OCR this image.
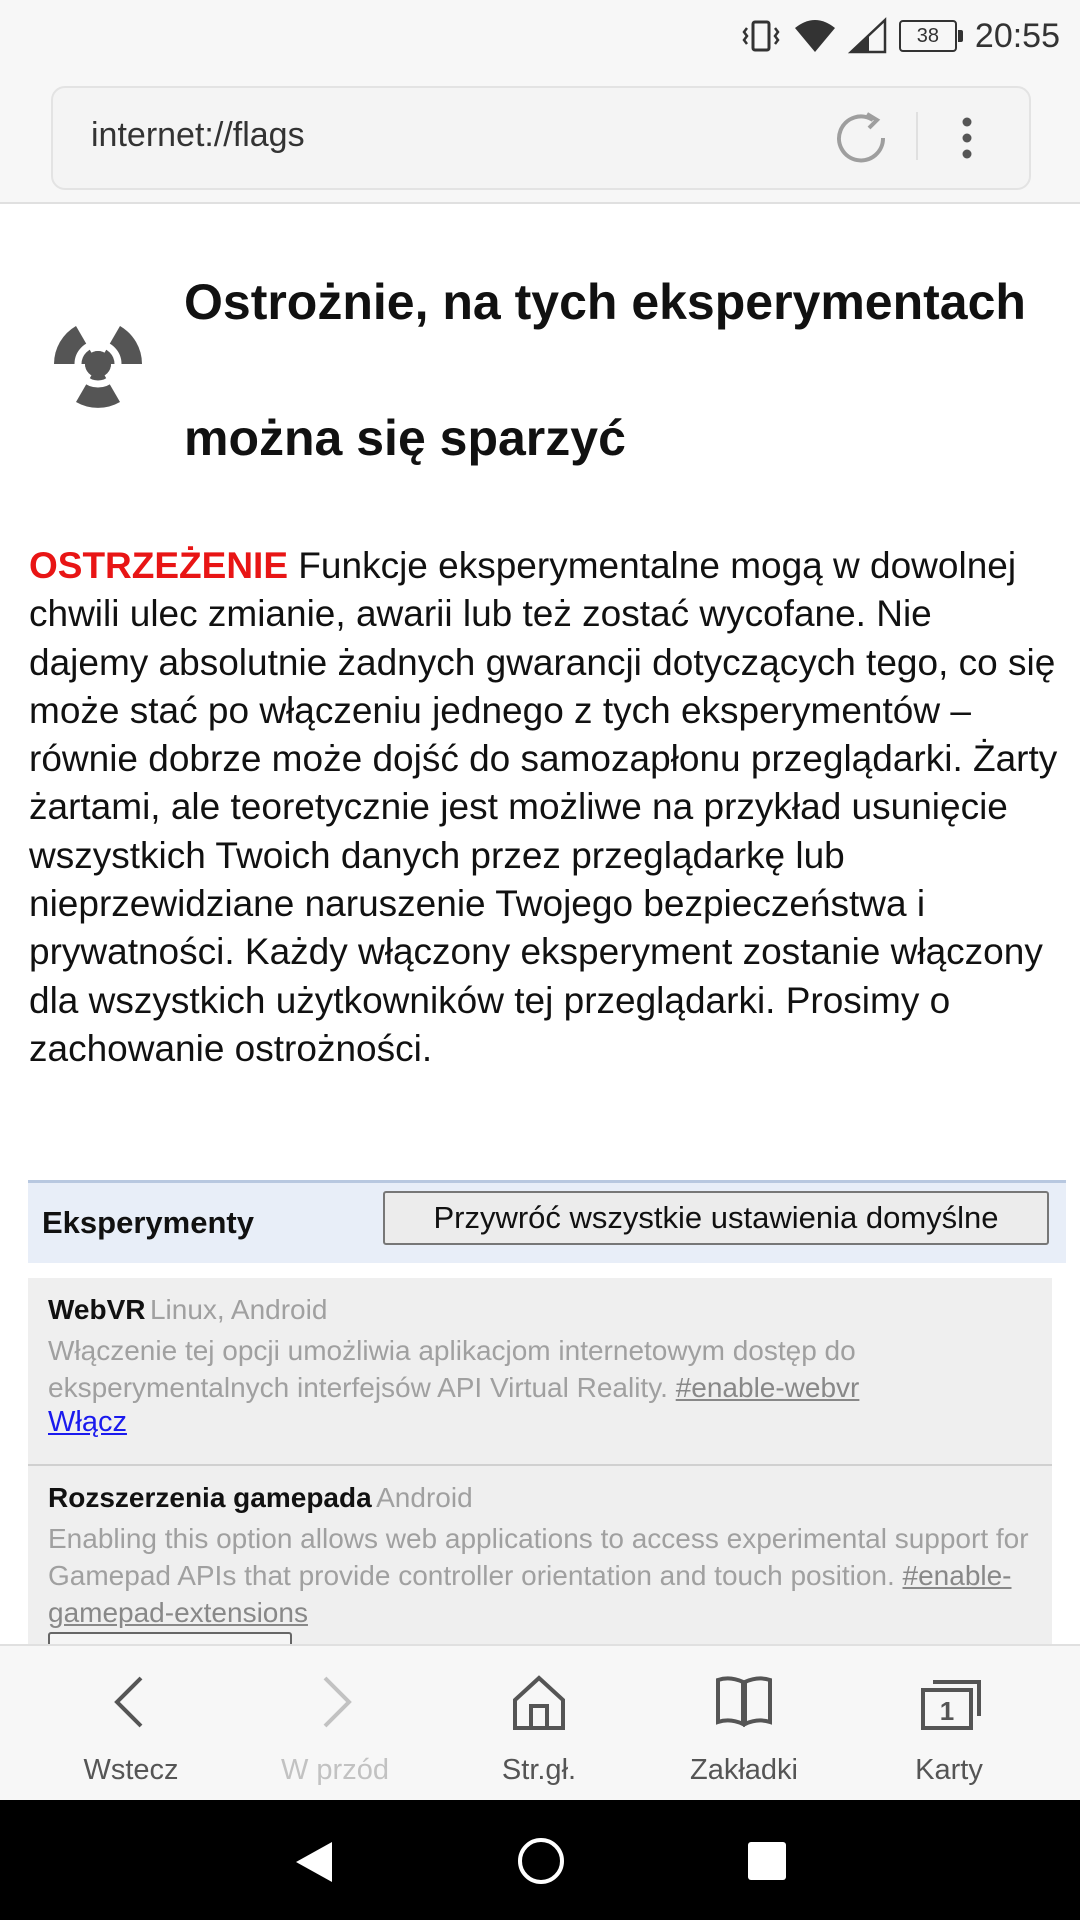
38	20:55
internet://flags
Ostrożnie, na tych eksperymentach można się sparzyć

OSTRZEŻENIE Funkcje eksperymentalne mogą w dowolnej chwili ulec zmianie, awarii lub też zostać wycofane. Nie dajemy absolutnie żadnych gwarancji dotyczących tego, co się może stać po włączeniu jednego z tych eksperymentów – równie dobrze może dojść do samozapłonu przeglądarki. Żarty żartami, ale teoretycznie jest możliwe na przykład usunięcie wszystkich Twoich danych przez przeglądarkę lub nieprzewidziane naruszenie Twojego bezpieczeństwa i prywatności. Każdy włączony eksperyment zostanie włączony dla wszystkich użytkowników tej przeglądarki. Prosimy o zachowanie ostrożności.

Eksperymenty	Przywróć wszystkie ustawienia domyślne
WebVR Linux, Android

Włączenie tej opcji umożliwia aplikacjom internetowym dostęp do eksperymentalnych interfejsów API Virtual Reality. #enable-webvr

Włącz
Rozszerzenia gamepada Android

Enabling this option allows web applications to access experimental support for Gamepad APIs that provide controller orientation and touch position. #enable-gamepad-extensions

Wstecz	W przód	Str.gł.	Zakładki
1
Karty
